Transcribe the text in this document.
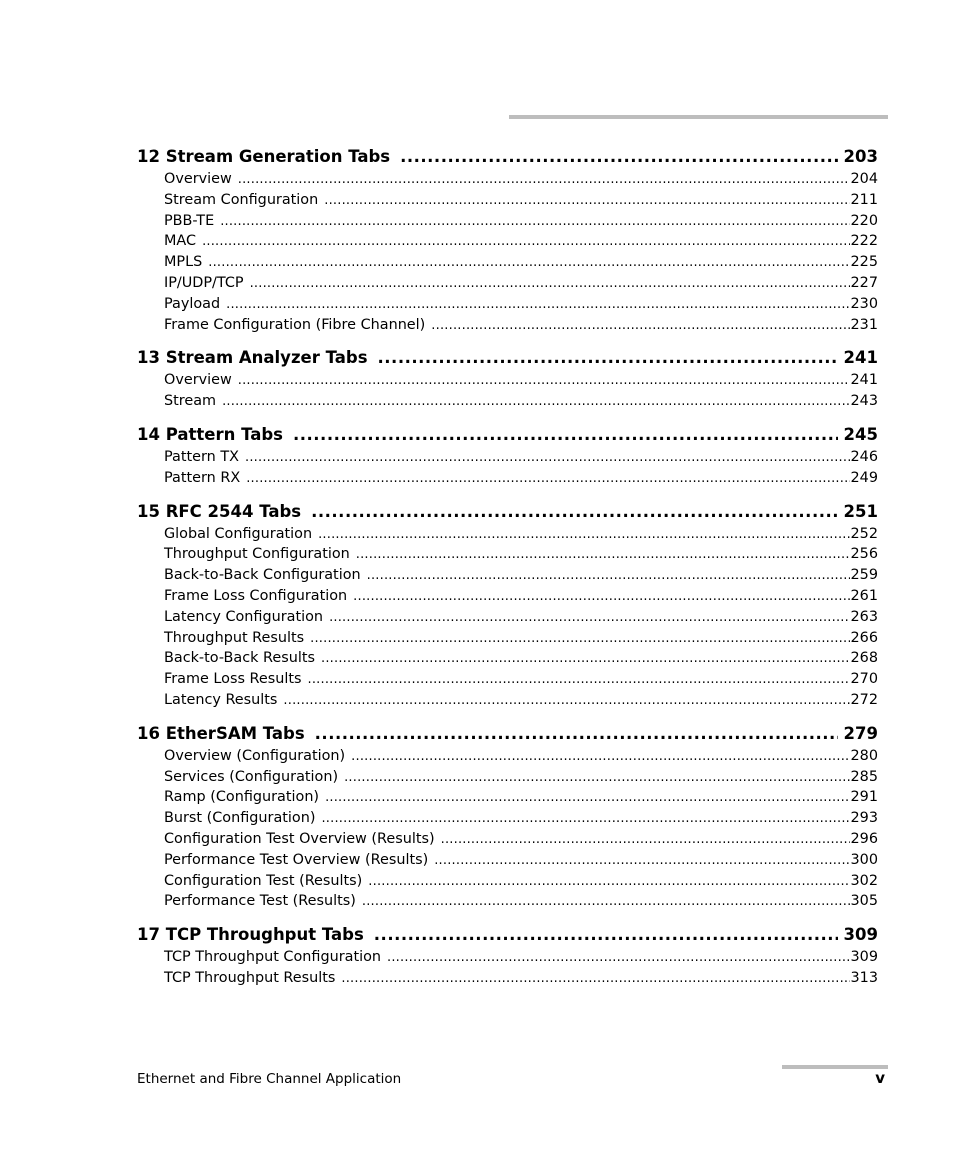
12 Stream Generation Tabs .....	203
Overview .....	204
Stream Configuration .....	211
PBB-TE .....	220
MAC .....	222
MPLS .....	225
IP/UDP/TCP .....	227
Payload .....	230
Frame Configuration (Fibre Channel) .....	231
13 Stream Analyzer Tabs .....	241
Overview .....	241
Stream .....	243
14 Pattern Tabs .....	245
Pattern TX .....	246
Pattern RX .....	249
15 RFC 2544 Tabs .....	251
Global Configuration .....	252
Throughput Configuration .....	256
Back-to-Back Configuration .....	259
Frame Loss Configuration .....	261
Latency Configuration .....	263
Throughput Results .....	266
Back-to-Back Results .....	268
Frame Loss Results .....	270
Latency Results .....	272
16 EtherSAM Tabs .....	279
Overview (Configuration) .....	280
Services (Configuration) .....	285
Ramp (Configuration) .....	291
Burst (Configuration) .....	293
Configuration Test Overview (Results) .....	296
Performance Test Overview (Results) .....	300
Configuration Test (Results) .....	302
Performance Test (Results) .....	305
17 TCP Throughput Tabs .....	309
TCP Throughput Configuration .....	309
TCP Throughput Results .....	313
Ethernet and Fibre Channel Application	v
